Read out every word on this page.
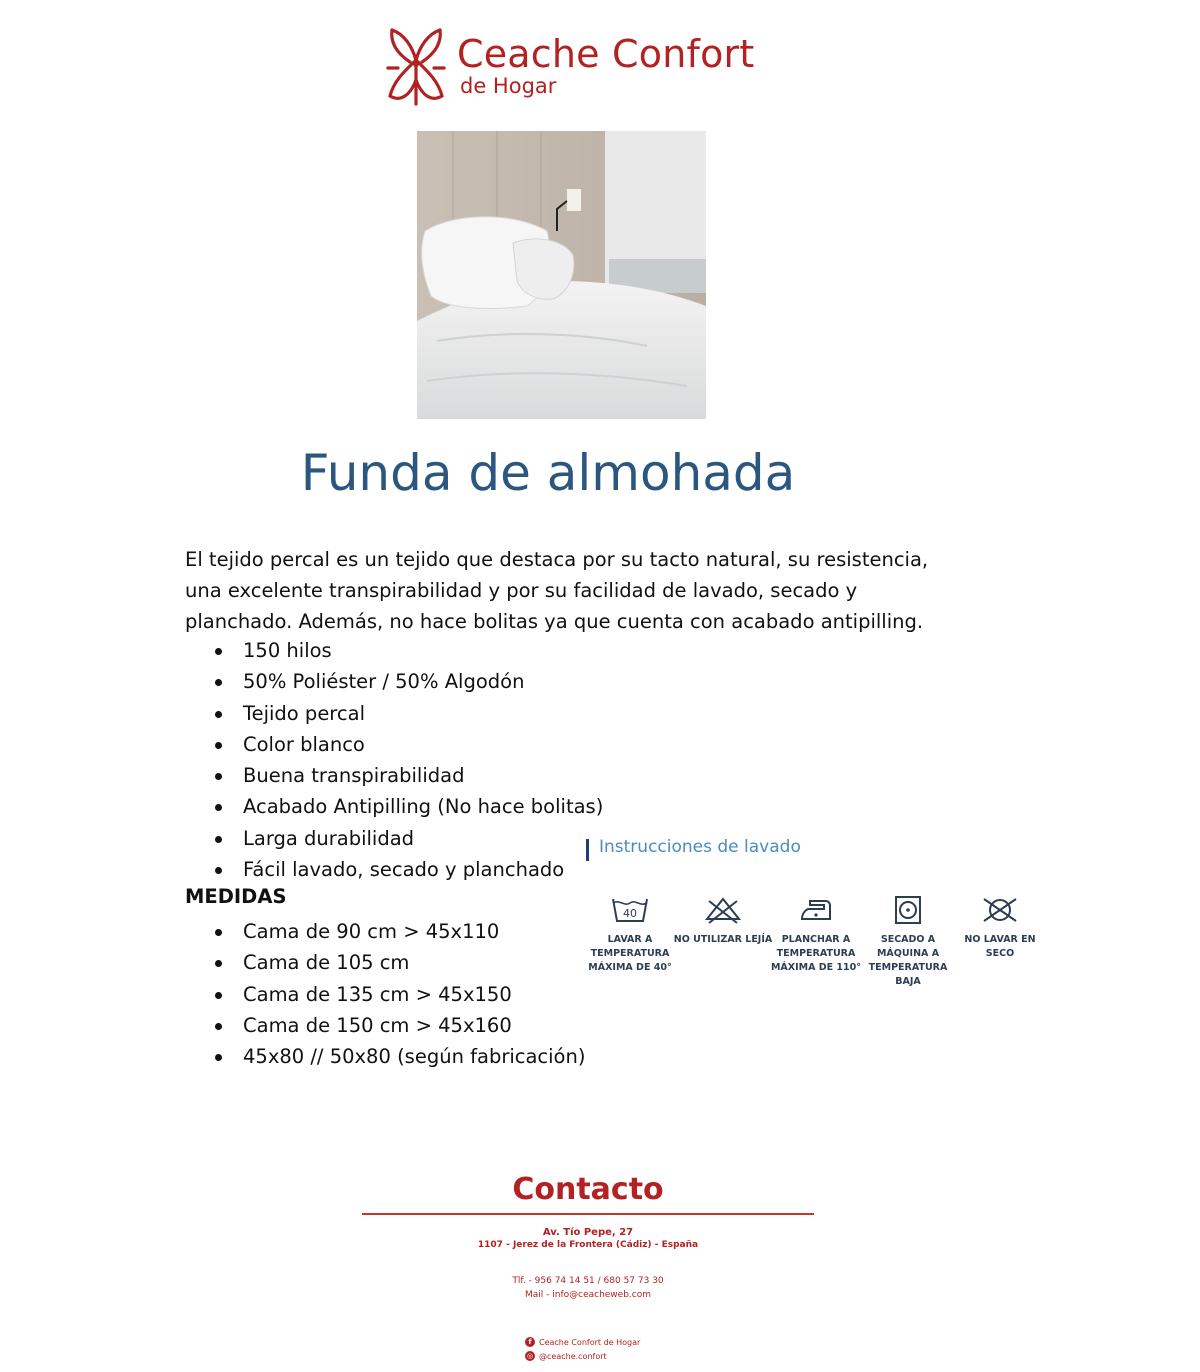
Ceache Confort
de Hogar
Funda de almohada
El tejido percal es un tejido que destaca por su tacto natural, su resistencia, una excelente transpirabilidad y por su facilidad de lavado, secado y planchado. Además, no hace bolitas ya que cuenta con acabado antipilling.
150 hilos
50% Poliéster / 50% Algodón
Tejido percal
Color blanco
Buena transpirabilidad
Acabado Antipilling (No hace bolitas)
Larga durabilidad
Fácil lavado, secado y planchado
MEDIDAS
Cama de 90 cm > 45x110
Cama de 105 cm
Cama de 135 cm > 45x150
Cama de 150 cm > 45x160
45x80 // 50x80 (según fabricación)
Instrucciones de lavado
40
LAVAR A TEMPERATURA MÁXIMA DE 40°
NO UTILIZAR LEJÍA PLANCHAR A TEMPERATURA MÁXIMA DE 110°
SECADO A MÁQUINA A TEMPERATURA BAJA
NO LAVAR EN SECO
Contacto
Av. Tío Pepe, 27
1107 - Jerez de la Frontera (Cádiz) - España
Tlf. - 956 74 14 51 / 680 57 73 30
Mail - info@ceacheweb.com
f Ceache Confort de Hogar
◎ @ceache.confort
